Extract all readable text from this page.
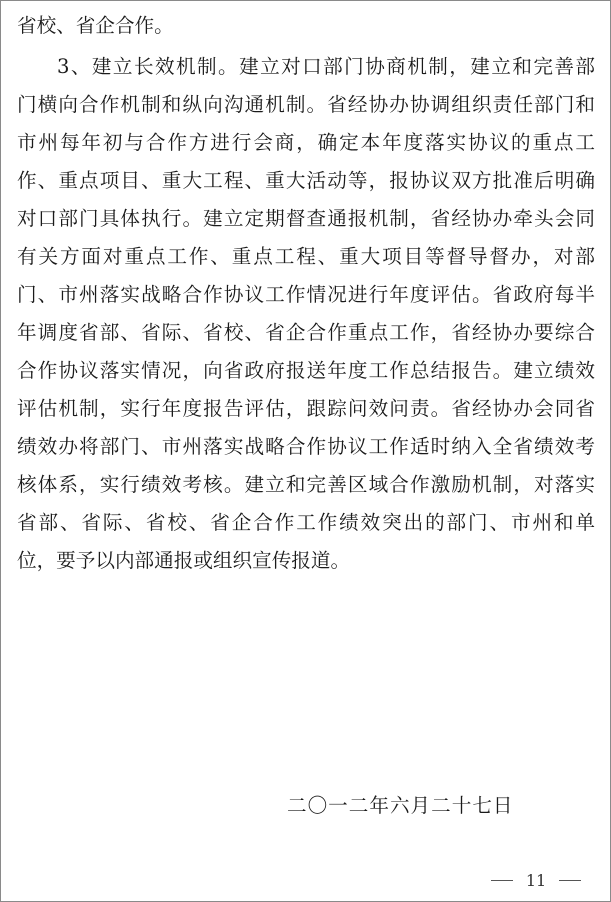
省校、省企合作。
3、建立长效机制。建立对口部门协商机制，建立和完善部
门横向合作机制和纵向沟通机制。省经协办协调组织责任部门和
市州每年初与合作方进行会商，确定本年度落实协议的重点工
作、重点项目、重大工程、重大活动等，报协议双方批准后明确
对口部门具体执行。建立定期督查通报机制，省经协办牵头会同
有关方面对重点工作、重点工程、重大项目等督导督办，对部
门、市州落实战略合作协议工作情况进行年度评估。省政府每半
年调度省部、省际、省校、省企合作重点工作，省经协办要综合
合作协议落实情况，向省政府报送年度工作总结报告。建立绩效
评估机制，实行年度报告评估，跟踪问效问责。省经协办会同省
绩效办将部门、市州落实战略合作协议工作适时纳入全省绩效考
核体系，实行绩效考核。建立和完善区域合作激励机制，对落实
省部、省际、省校、省企合作工作绩效突出的部门、市州和单
位，要予以内部通报或组织宣传报道。
二〇一二年六月二十七日
11
